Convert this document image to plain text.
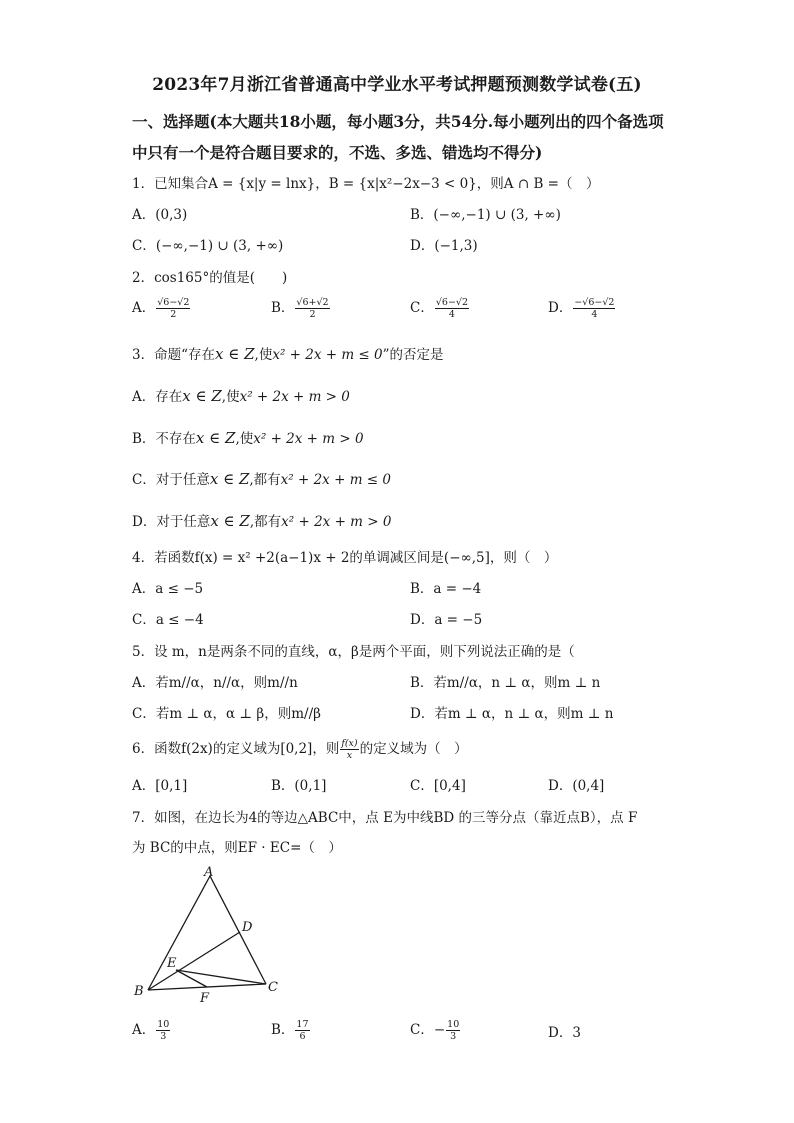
2023年7月浙江省普通高中学业水平考试押题预测数学试卷(五)
一、选择题(本大题共18小题，每小题3分，共54分.每小题列出的四个备选项中只有一个是符合题目要求的，不选、多选、错选均不得分)
1．已知集合A = {x|y = lnx}，B = {x|x²−2x−3 < 0}，则A ∩ B =（　）
A．(0,3)	B．(−∞,−1) ∪ (3, +∞)
C．(−∞,−1) ∪ (3, +∞)	D．(−1,3)
2．cos165°的值是(　　)
A． $\frac{√6-√2}{2}$	B． $\frac{√6+√2}{2}$	C． $\frac{√6-√2}{4}$	D． $\frac{-√6-√2}{4}$
3．命题“存在x ∈ Z,使x² + 2x + m ≤ 0”的否定是
A．存在x ∈ Z,使x² + 2x + m > 0
B．不存在x ∈ Z,使x² + 2x + m > 0
C．对于任意x ∈ Z,都有x² + 2x + m ≤ 0
D．对于任意x ∈ Z,都有x² + 2x + m > 0
4．若函数f(x) = x² +2(a−1)x + 2的单调减区间是(−∞,5]，则（　）
A．a ≤ −5	B．a = −4
C．a ≤ −4	D．a = −5
5．设 m，n是两条不同的直线，α，β是两个平面，则下列说法正确的是（
A．若m//α，n//α，则m//n	B．若m//α，n ⊥ α，则m ⊥ n
C．若m ⊥ α，α ⊥ β，则m//β	D．若m ⊥ α，n ⊥ α，则m ⊥ n
6．函数f(2x)的定义域为[0,2]，则 $\frac{f(x)}{x}$ 的定义域为（　）
A．[0,1]	B．(0,1]	C．[0,4]	D．(0,4]
7．如图，在边长为4的等边△ABC中，点 E为中线BD 的三等分点（靠近点B），点 F
为 BC的中点，则EF · EC=（　）
A
B	C
D
E
F
A． $\frac{10}{3}$	B． $\frac{17}{6}$	C．− $\frac{10}{3}$	D．3
